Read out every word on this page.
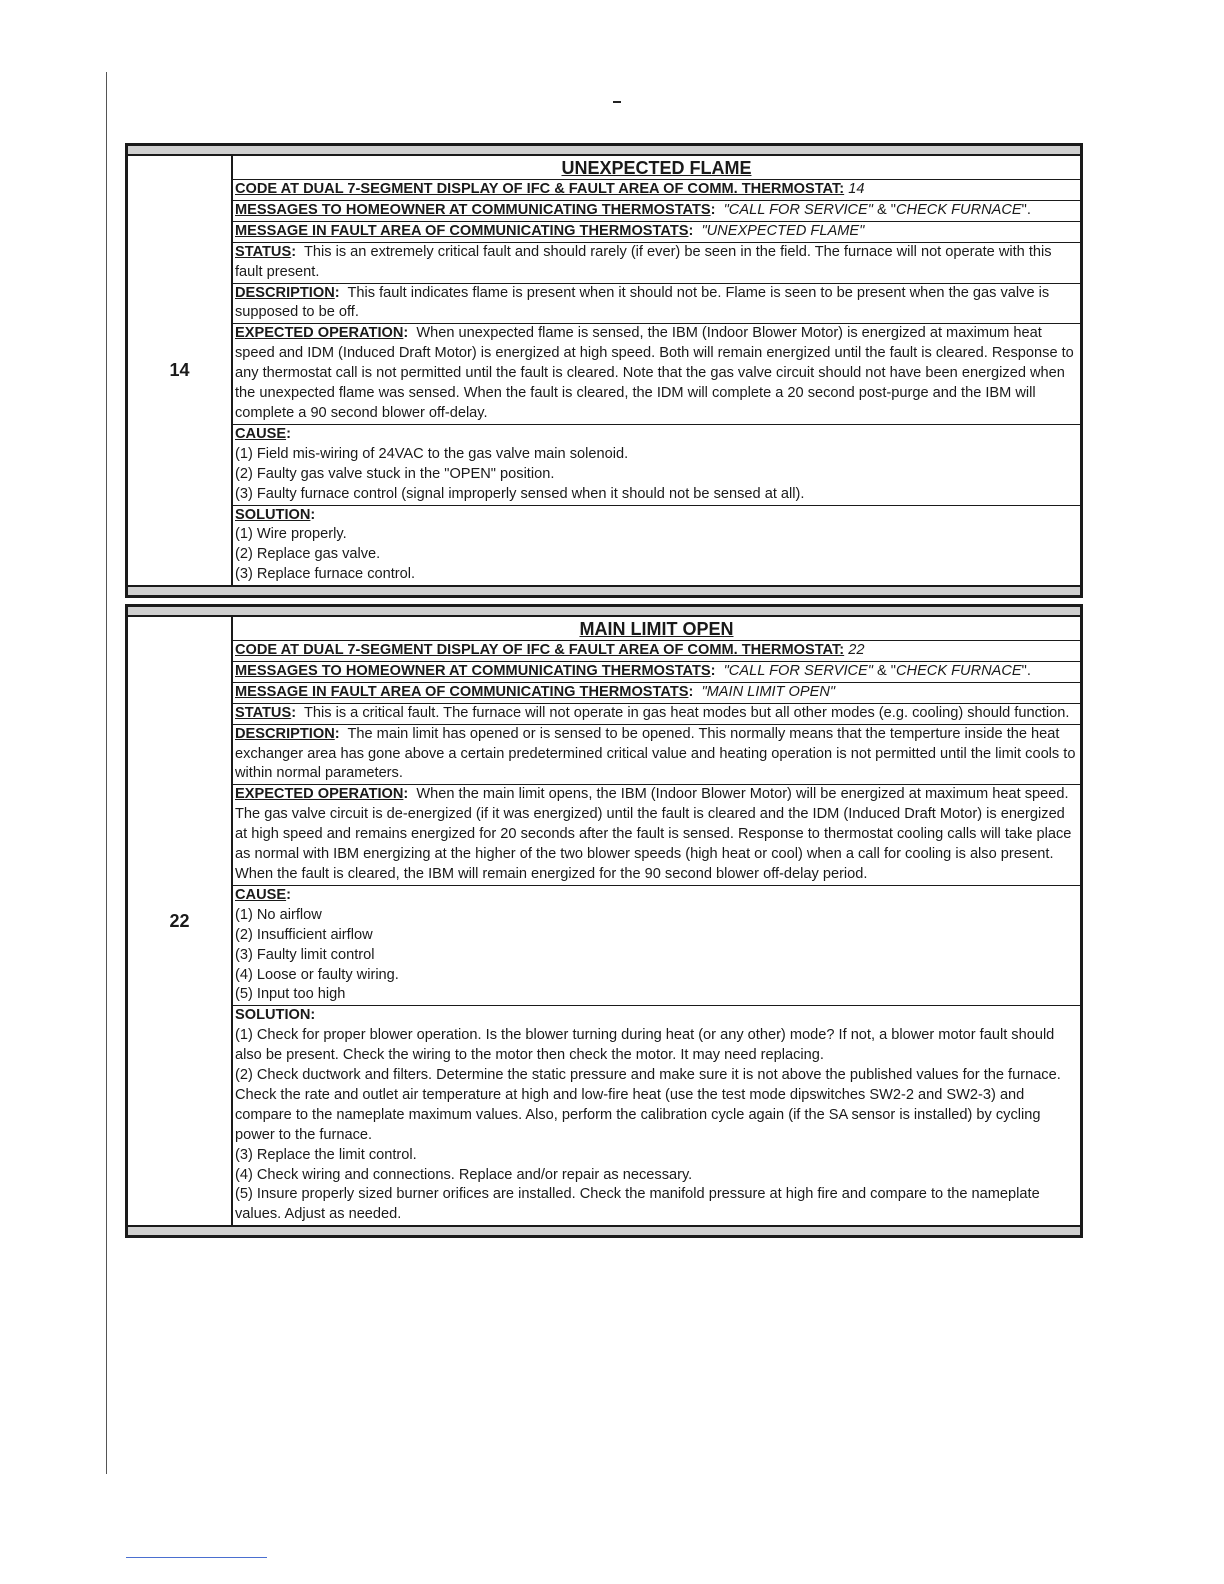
14
UNEXPECTED FLAME
CODE AT DUAL 7-SEGMENT DISPLAY OF IFC & FAULT AREA OF COMM. THERMOSTAT: 14
MESSAGES TO HOMEOWNER AT COMMUNICATING THERMOSTATS: "CALL FOR SERVICE" & "CHECK FURNACE".
MESSAGE IN FAULT AREA OF COMMUNICATING THERMOSTATS: "UNEXPECTED FLAME"
STATUS: This is an extremely critical fault and should rarely (if ever) be seen in the field. The furnace will not operate with this fault present.
DESCRIPTION: This fault indicates flame is present when it should not be. Flame is seen to be present when the gas valve is supposed to be off.
EXPECTED OPERATION: When unexpected flame is sensed, the IBM (Indoor Blower Motor) is energized at maximum heat speed and IDM (Induced Draft Motor) is energized at high speed. Both will remain energized until the fault is cleared. Response to any thermostat call is not permitted until the fault is cleared. Note that the gas valve circuit should not have been energized when the unexpected flame was sensed. When the fault is cleared, the IDM will complete a 20 second post-purge and the IBM will complete a 90 second blower off-delay.
CAUSE:
(1) Field mis-wiring of 24VAC to the gas valve main solenoid.
(2) Faulty gas valve stuck in the "OPEN" position.
(3) Faulty furnace control (signal improperly sensed when it should not be sensed at all).
SOLUTION:
(1) Wire properly.
(2) Replace gas valve.
(3) Replace furnace control.
22
MAIN LIMIT OPEN
CODE AT DUAL 7-SEGMENT DISPLAY OF IFC & FAULT AREA OF COMM. THERMOSTAT: 22
MESSAGES TO HOMEOWNER AT COMMUNICATING THERMOSTATS: "CALL FOR SERVICE" & "CHECK FURNACE".
MESSAGE IN FAULT AREA OF COMMUNICATING THERMOSTATS: "MAIN LIMIT OPEN"
STATUS: This is a critical fault. The furnace will not operate in gas heat modes but all other modes (e.g. cooling) should function.
DESCRIPTION: The main limit has opened or is sensed to be opened. This normally means that the temperture inside the heat exchanger area has gone above a certain predetermined critical value and heating operation is not permitted until the limit cools to within normal parameters.
EXPECTED OPERATION: When the main limit opens, the IBM (Indoor Blower Motor) will be energized at maximum heat speed. The gas valve circuit is de-energized (if it was energized) until the fault is cleared and the IDM (Induced Draft Motor) is energized at high speed and remains energized for 20 seconds after the fault is sensed. Response to thermostat cooling calls will take place as normal with IBM energizing at the higher of the two blower speeds (high heat or cool) when a call for cooling is also present. When the fault is cleared, the IBM will remain energized for the 90 second blower off-delay period.
CAUSE:
(1) No airflow
(2) Insufficient airflow
(3) Faulty limit control
(4) Loose or faulty wiring.
(5) Input too high
SOLUTION:
(1) Check for proper blower operation. Is the blower turning during heat (or any other) mode? If not, a blower motor fault should also be present. Check the wiring to the motor then check the motor. It may need replacing.
(2) Check ductwork and filters. Determine the static pressure and make sure it is not above the published values for the furnace. Check the rate and outlet air temperature at high and low-fire heat (use the test mode dipswitches SW2-2 and SW2-3) and compare to the nameplate maximum values. Also, perform the calibration cycle again (if the SA sensor is installed) by cycling power to the furnace.
(3) Replace the limit control.
(4) Check wiring and connections. Replace and/or repair as necessary.
(5) Insure properly sized burner orifices are installed. Check the manifold pressure at high fire and compare to the nameplate values. Adjust as needed.
